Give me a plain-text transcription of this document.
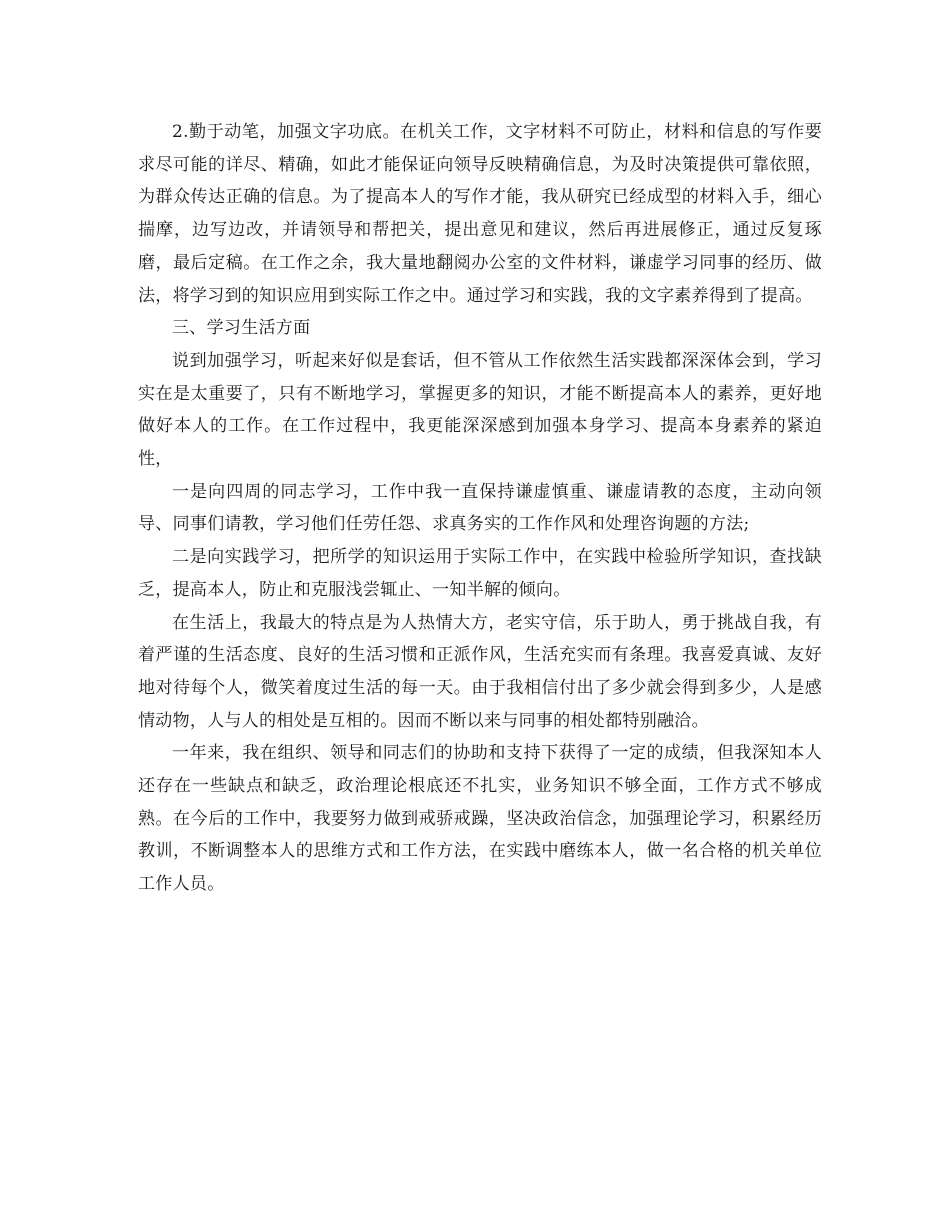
2.勤于动笔，加强文字功底。在机关工作，文字材料不可防止，材料和信息的写作要求尽可能的详尽、精确，如此才能保证向领导反映精确信息，为及时决策提供可靠依照，为群众传达正确的信息。为了提高本人的写作才能，我从研究已经成型的材料入手，细心揣摩，边写边改，并请领导和帮把关，提出意见和建议，然后再进展修正，通过反复琢磨，最后定稿。在工作之余，我大量地翻阅办公室的文件材料，谦虚学习同事的经历、做法，将学习到的知识应用到实际工作之中。通过学习和实践，我的文字素养得到了提高。

三、学习生活方面

说到加强学习，听起来好似是套话，但不管从工作依然生活实践都深深体会到，学习实在是太重要了，只有不断地学习，掌握更多的知识，才能不断提高本人的素养，更好地做好本人的工作。在工作过程中，我更能深深感到加强本身学习、提高本身素养的紧迫性，

一是向四周的同志学习，工作中我一直保持谦虚慎重、谦虚请教的态度，主动向领导、同事们请教，学习他们任劳任怨、求真务实的工作作风和处理咨询题的方法;

二是向实践学习，把所学的知识运用于实际工作中，在实践中检验所学知识，查找缺乏，提高本人，防止和克服浅尝辄止、一知半解的倾向。

在生活上，我最大的特点是为人热情大方，老实守信，乐于助人，勇于挑战自我，有着严谨的生活态度、良好的生活习惯和正派作风，生活充实而有条理。我喜爱真诚、友好地对待每个人，微笑着度过生活的每一天。由于我相信付出了多少就会得到多少，人是感情动物，人与人的相处是互相的。因而不断以来与同事的相处都特别融洽。

一年来，我在组织、领导和同志们的协助和支持下获得了一定的成绩，但我深知本人还存在一些缺点和缺乏，政治理论根底还不扎实，业务知识不够全面，工作方式不够成熟。在今后的工作中，我要努力做到戒骄戒躁，坚决政治信念，加强理论学习，积累经历教训，不断调整本人的思维方式和工作方法，在实践中磨练本人，做一名合格的机关单位工作人员。
